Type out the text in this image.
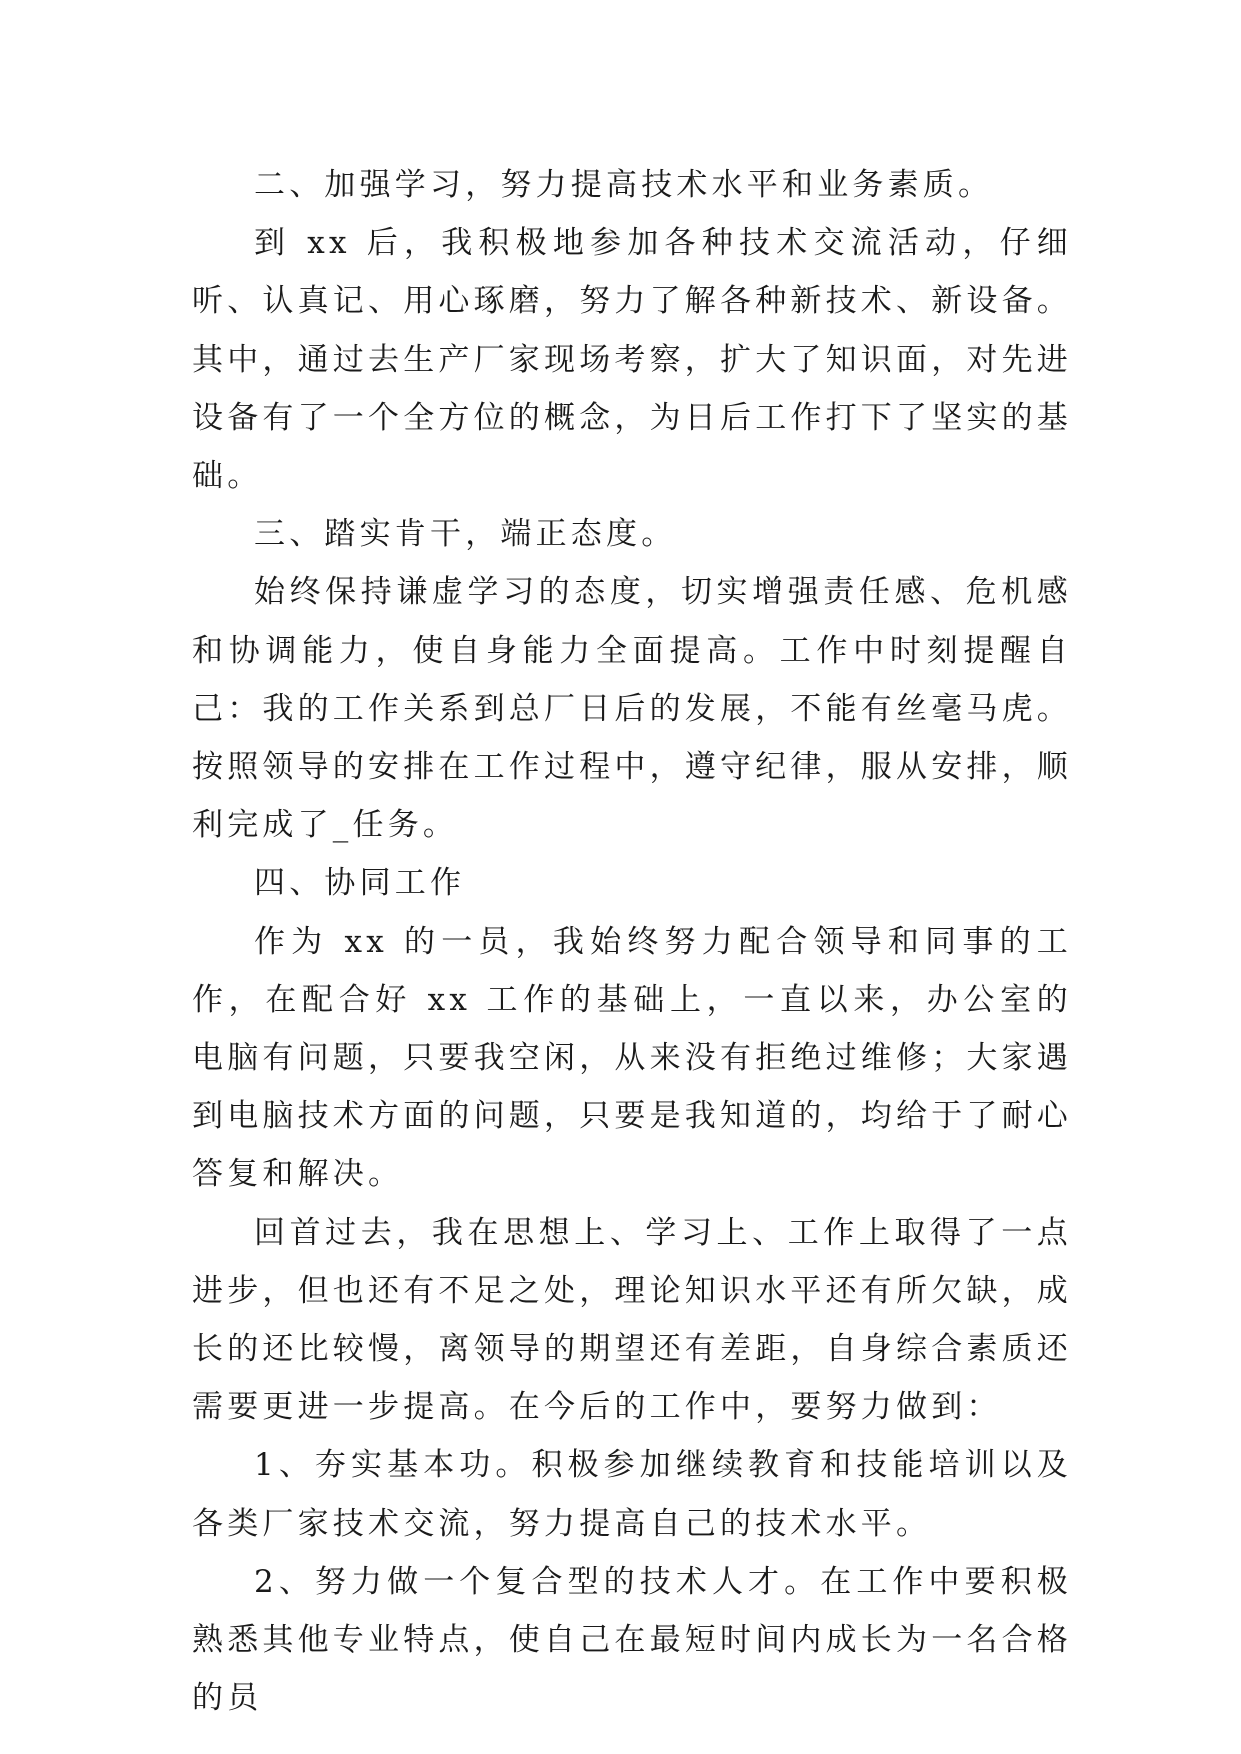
二、加强学习，努力提高技术水平和业务素质。

到 xx 后，我积极地参加各种技术交流活动，仔细听、认真记、用心琢磨，努力了解各种新技术、新设备。其中，通过去生产厂家现场考察，扩大了知识面，对先进设备有了一个全方位的概念，为日后工作打下了坚实的基础。

三、踏实肯干，端正态度。

始终保持谦虚学习的态度，切实增强责任感、危机感和协调能力，使自身能力全面提高。工作中时刻提醒自己：我的工作关系到总厂日后的发展，不能有丝毫马虎。按照领导的安排在工作过程中，遵守纪律，服从安排，顺利完成了_任务。

四、协同工作

作为 xx 的一员，我始终努力配合领导和同事的工作，在配合好 xx 工作的基础上，一直以来，办公室的电脑有问题，只要我空闲，从来没有拒绝过维修；大家遇到电脑技术方面的问题，只要是我知道的，均给于了耐心答复和解决。

回首过去，我在思想上、学习上、工作上取得了一点进步，但也还有不足之处，理论知识水平还有所欠缺，成长的还比较慢，离领导的期望还有差距，自身综合素质还需要更进一步提高。在今后的工作中，要努力做到：

1、夯实基本功。积极参加继续教育和技能培训以及各类厂家技术交流，努力提高自己的技术水平。

2、努力做一个复合型的技术人才。在工作中要积极熟悉其他专业特点，使自己在最短时间内成长为一名合格的员
